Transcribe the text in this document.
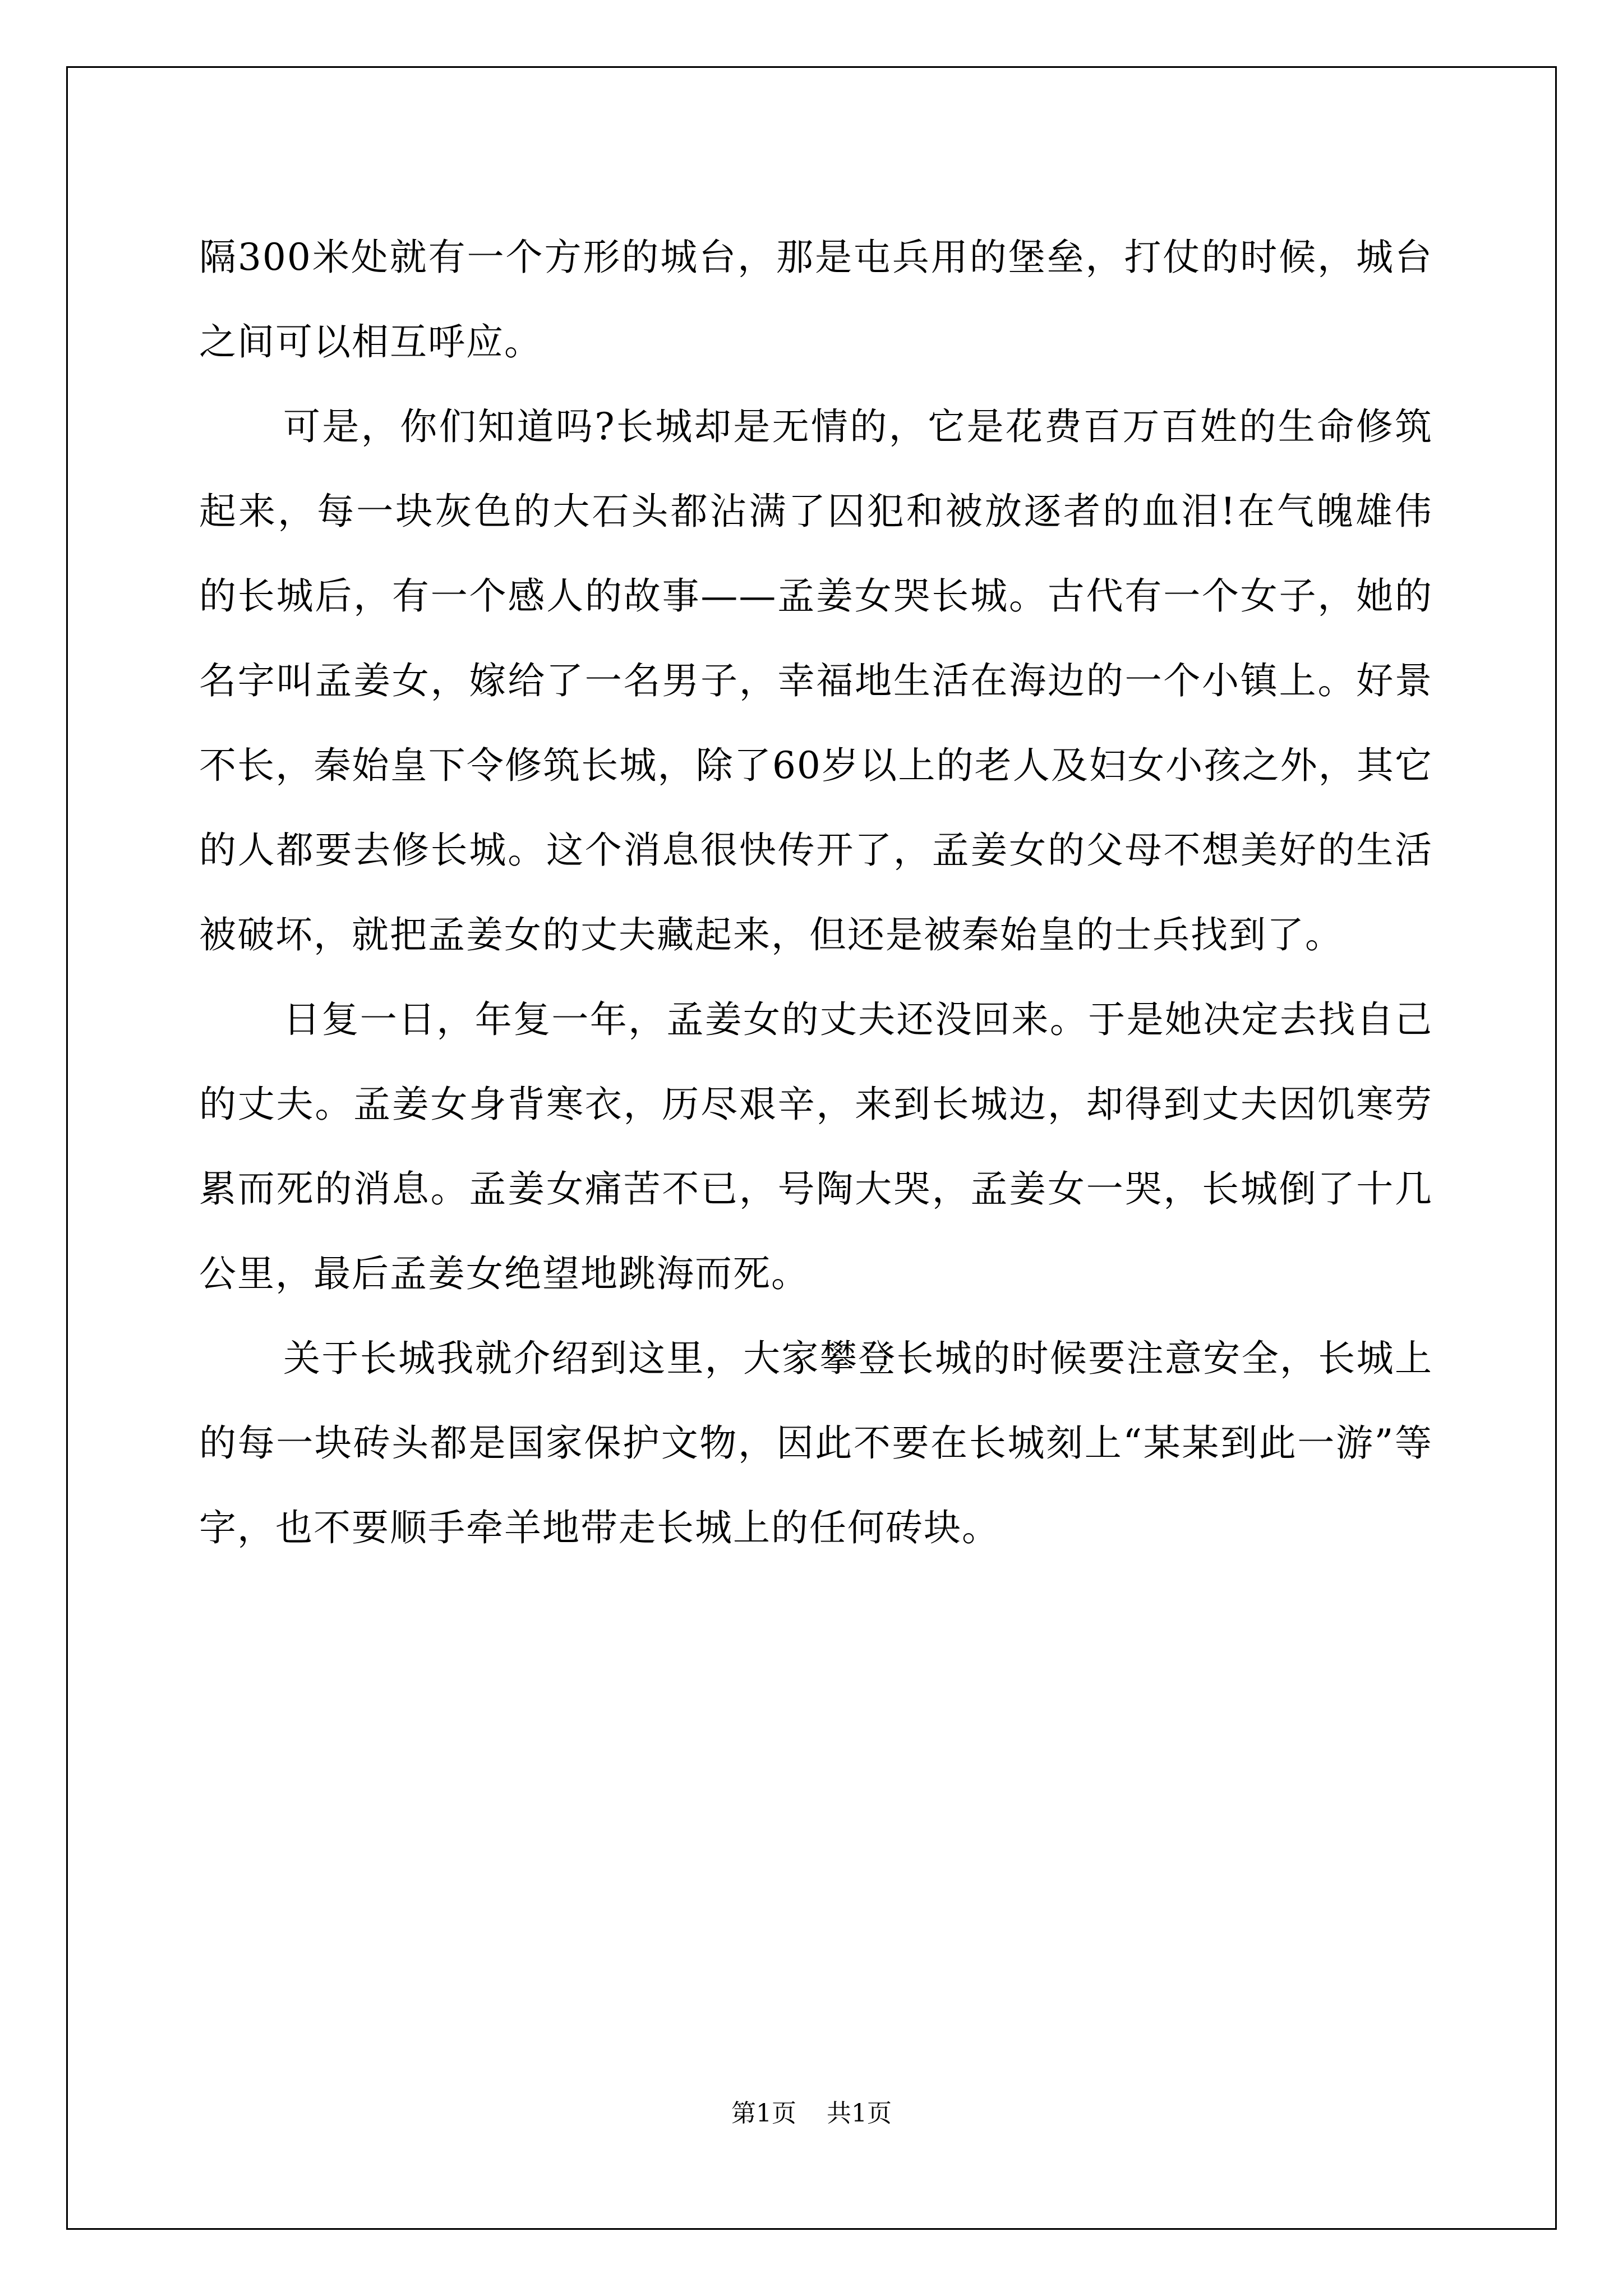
隔300米处就有一个方形的城台，那是屯兵用的堡垒，打仗的时候，城台之间可以相互呼应。

可是，你们知道吗?长城却是无情的，它是花费百万百姓的生命修筑起来，每一块灰色的大石头都沾满了囚犯和被放逐者的血泪!在气魄雄伟的长城后，有一个感人的故事——孟姜女哭长城。古代有一个女子，她的名字叫孟姜女，嫁给了一名男子，幸福地生活在海边的一个小镇上。好景不长，秦始皇下令修筑长城，除了60岁以上的老人及妇女小孩之外，其它的人都要去修长城。这个消息很快传开了，孟姜女的父母不想美好的生活被破坏，就把孟姜女的丈夫藏起来，但还是被秦始皇的士兵找到了。

日复一日，年复一年，孟姜女的丈夫还没回来。于是她决定去找自己的丈夫。孟姜女身背寒衣，历尽艰辛，来到长城边，却得到丈夫因饥寒劳累而死的消息。孟姜女痛苦不已，号陶大哭，孟姜女一哭，长城倒了十几公里，最后孟姜女绝望地跳海而死。

关于长城我就介绍到这里，大家攀登长城的时候要注意安全，长城上的每一块砖头都是国家保护文物，因此不要在长城刻上“某某到此一游”等字，也不要顺手牵羊地带走长城上的任何砖块。

第1页 共1页
